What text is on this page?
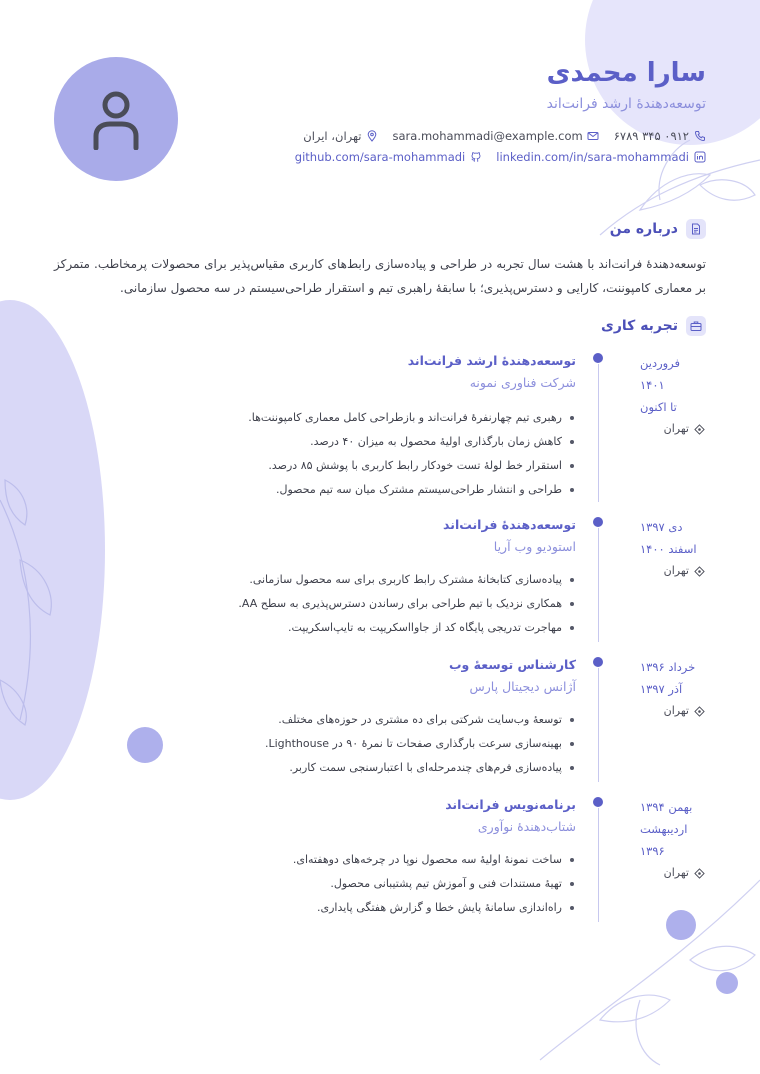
سارا محمدی
توسعه‌دهندهٔ ارشد فرانت‌اند
۰۹۱۲ ۳۴۵ ۶۷۸۹
sara.mohammadi@example.com
تهران، ایران
linkedin.com/in/sara-mohammadi
github.com/sara-mohammadi
درباره من
توسعه‌دهندهٔ فرانت‌اند با هشت سال تجربه در طراحی و پیاده‌سازی رابط‌های کاربری مقیاس‌پذیر برای محصولات پرمخاطب. متمرکز بر معماری کامپوننت، کارایی و دسترس‌پذیری؛ با سابقهٔ راهبری تیم و استقرار طراحی‌سیستم در سه محصول سازمانی.
تجربه کاری
فروردین ۱۴۰۱
تا اکنون
تهران
توسعه‌دهندهٔ ارشد فرانت‌اند
شرکت فناوری نمونه
رهبری تیم چهارنفرهٔ فرانت‌اند و بازطراحی کامل معماری کامپوننت‌ها.
کاهش زمان بارگذاری اولیهٔ محصول به میزان ۴۰ درصد.
استقرار خط لولهٔ تست خودکار رابط کاربری با پوشش ۸۵ درصد.
طراحی و انتشار طراحی‌سیستم مشترک میان سه تیم محصول.
دی ۱۳۹۷
اسفند ۱۴۰۰
تهران
توسعه‌دهندهٔ فرانت‌اند
استودیو وب آریا
پیاده‌سازی کتابخانهٔ مشترک رابط کاربری برای سه محصول سازمانی.
همکاری نزدیک با تیم طراحی برای رساندن دسترس‌پذیری به سطح AA.
مهاجرت تدریجی پایگاه کد از جاوااسکریپت به تایپ‌اسکریپت.
خرداد ۱۳۹۶
آذر ۱۳۹۷
تهران
کارشناس توسعهٔ وب
آژانس دیجیتال پارس
توسعهٔ وب‌سایت شرکتی برای ده مشتری در حوزه‌های مختلف.
بهینه‌سازی سرعت بارگذاری صفحات تا نمرهٔ ۹۰ در Lighthouse.
پیاده‌سازی فرم‌های چندمرحله‌ای با اعتبارسنجی سمت کاربر.
بهمن ۱۳۹۴
اردیبهشت ۱۳۹۶
تهران
برنامه‌نویس فرانت‌اند
شتاب‌دهندهٔ نوآوری
ساخت نمونهٔ اولیهٔ سه محصول نوپا در چرخه‌های دوهفته‌ای.
تهیهٔ مستندات فنی و آموزش تیم پشتیبانی محصول.
راه‌اندازی سامانهٔ پایش خطا و گزارش هفتگی پایداری.
